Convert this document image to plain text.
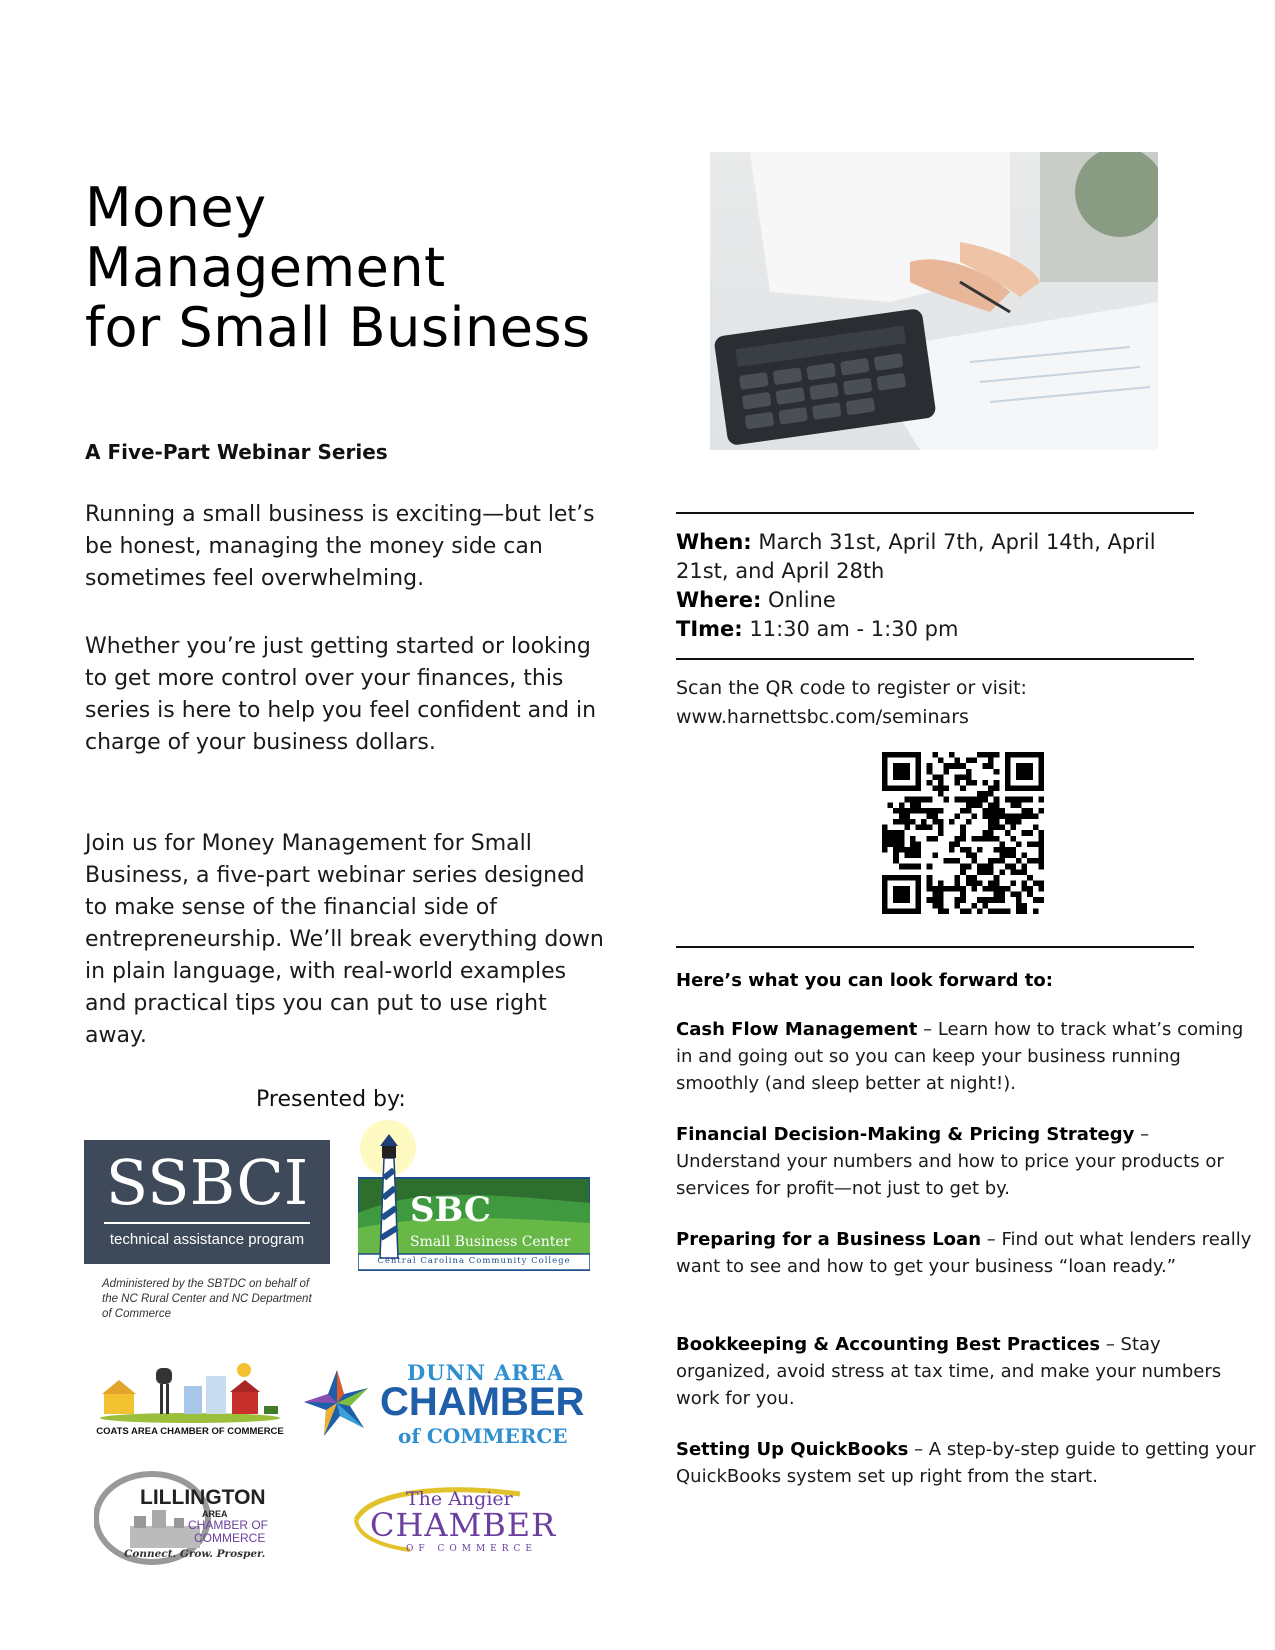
Money
Management
for Small Business
A Five-Part Webinar Series
Running a small business is exciting—but let’s be honest, managing the money side can sometimes feel overwhelming.
Whether you’re just getting started or looking to get more control over your finances, this series is here to help you feel confident and in charge of your business dollars.
Join us for Money Management for Small Business, a five-part webinar series designed to make sense of the financial side of entrepreneurship. We’ll break everything down in plain language, with real-world examples and practical tips you can put to use right away.
Presented by:
When: March 31st, April 7th, April 14th, April 21st, and April 28th
Where: Online
TIme: 11:30 am - 1:30 pm
Scan the QR code to register or visit:
www.harnettsbc.com/seminars
Here’s what you can look forward to:
Cash Flow Management – Learn how to track what’s coming in and going out so you can keep your business running smoothly (and sleep better at night!).
Financial Decision-Making & Pricing Strategy – Understand your numbers and how to price your products or services for profit—not just to get by.
Preparing for a Business Loan – Find out what lenders really want to see and how to get your business “loan ready.”
Bookkeeping & Accounting Best Practices – Stay organized, avoid stress at tax time, and make your numbers work for you.
Setting Up QuickBooks – A step-by-step guide to getting your QuickBooks system set up right from the start.
SSBCI
technical assistance program
Administered by the SBTDC on behalf of the NC Rural Center and NC Department of Commerce
SBC
Small Business Center
Central Carolina Community College
COATS AREA CHAMBER OF COMMERCE
DUNN AREA
CHAMBER
of COMMERCE
LILLINGTON
AREA
CHAMBER OF
COMMERCE
Connect. Grow. Prosper.
The Angier
CHAMBER
OF COMMERCE
